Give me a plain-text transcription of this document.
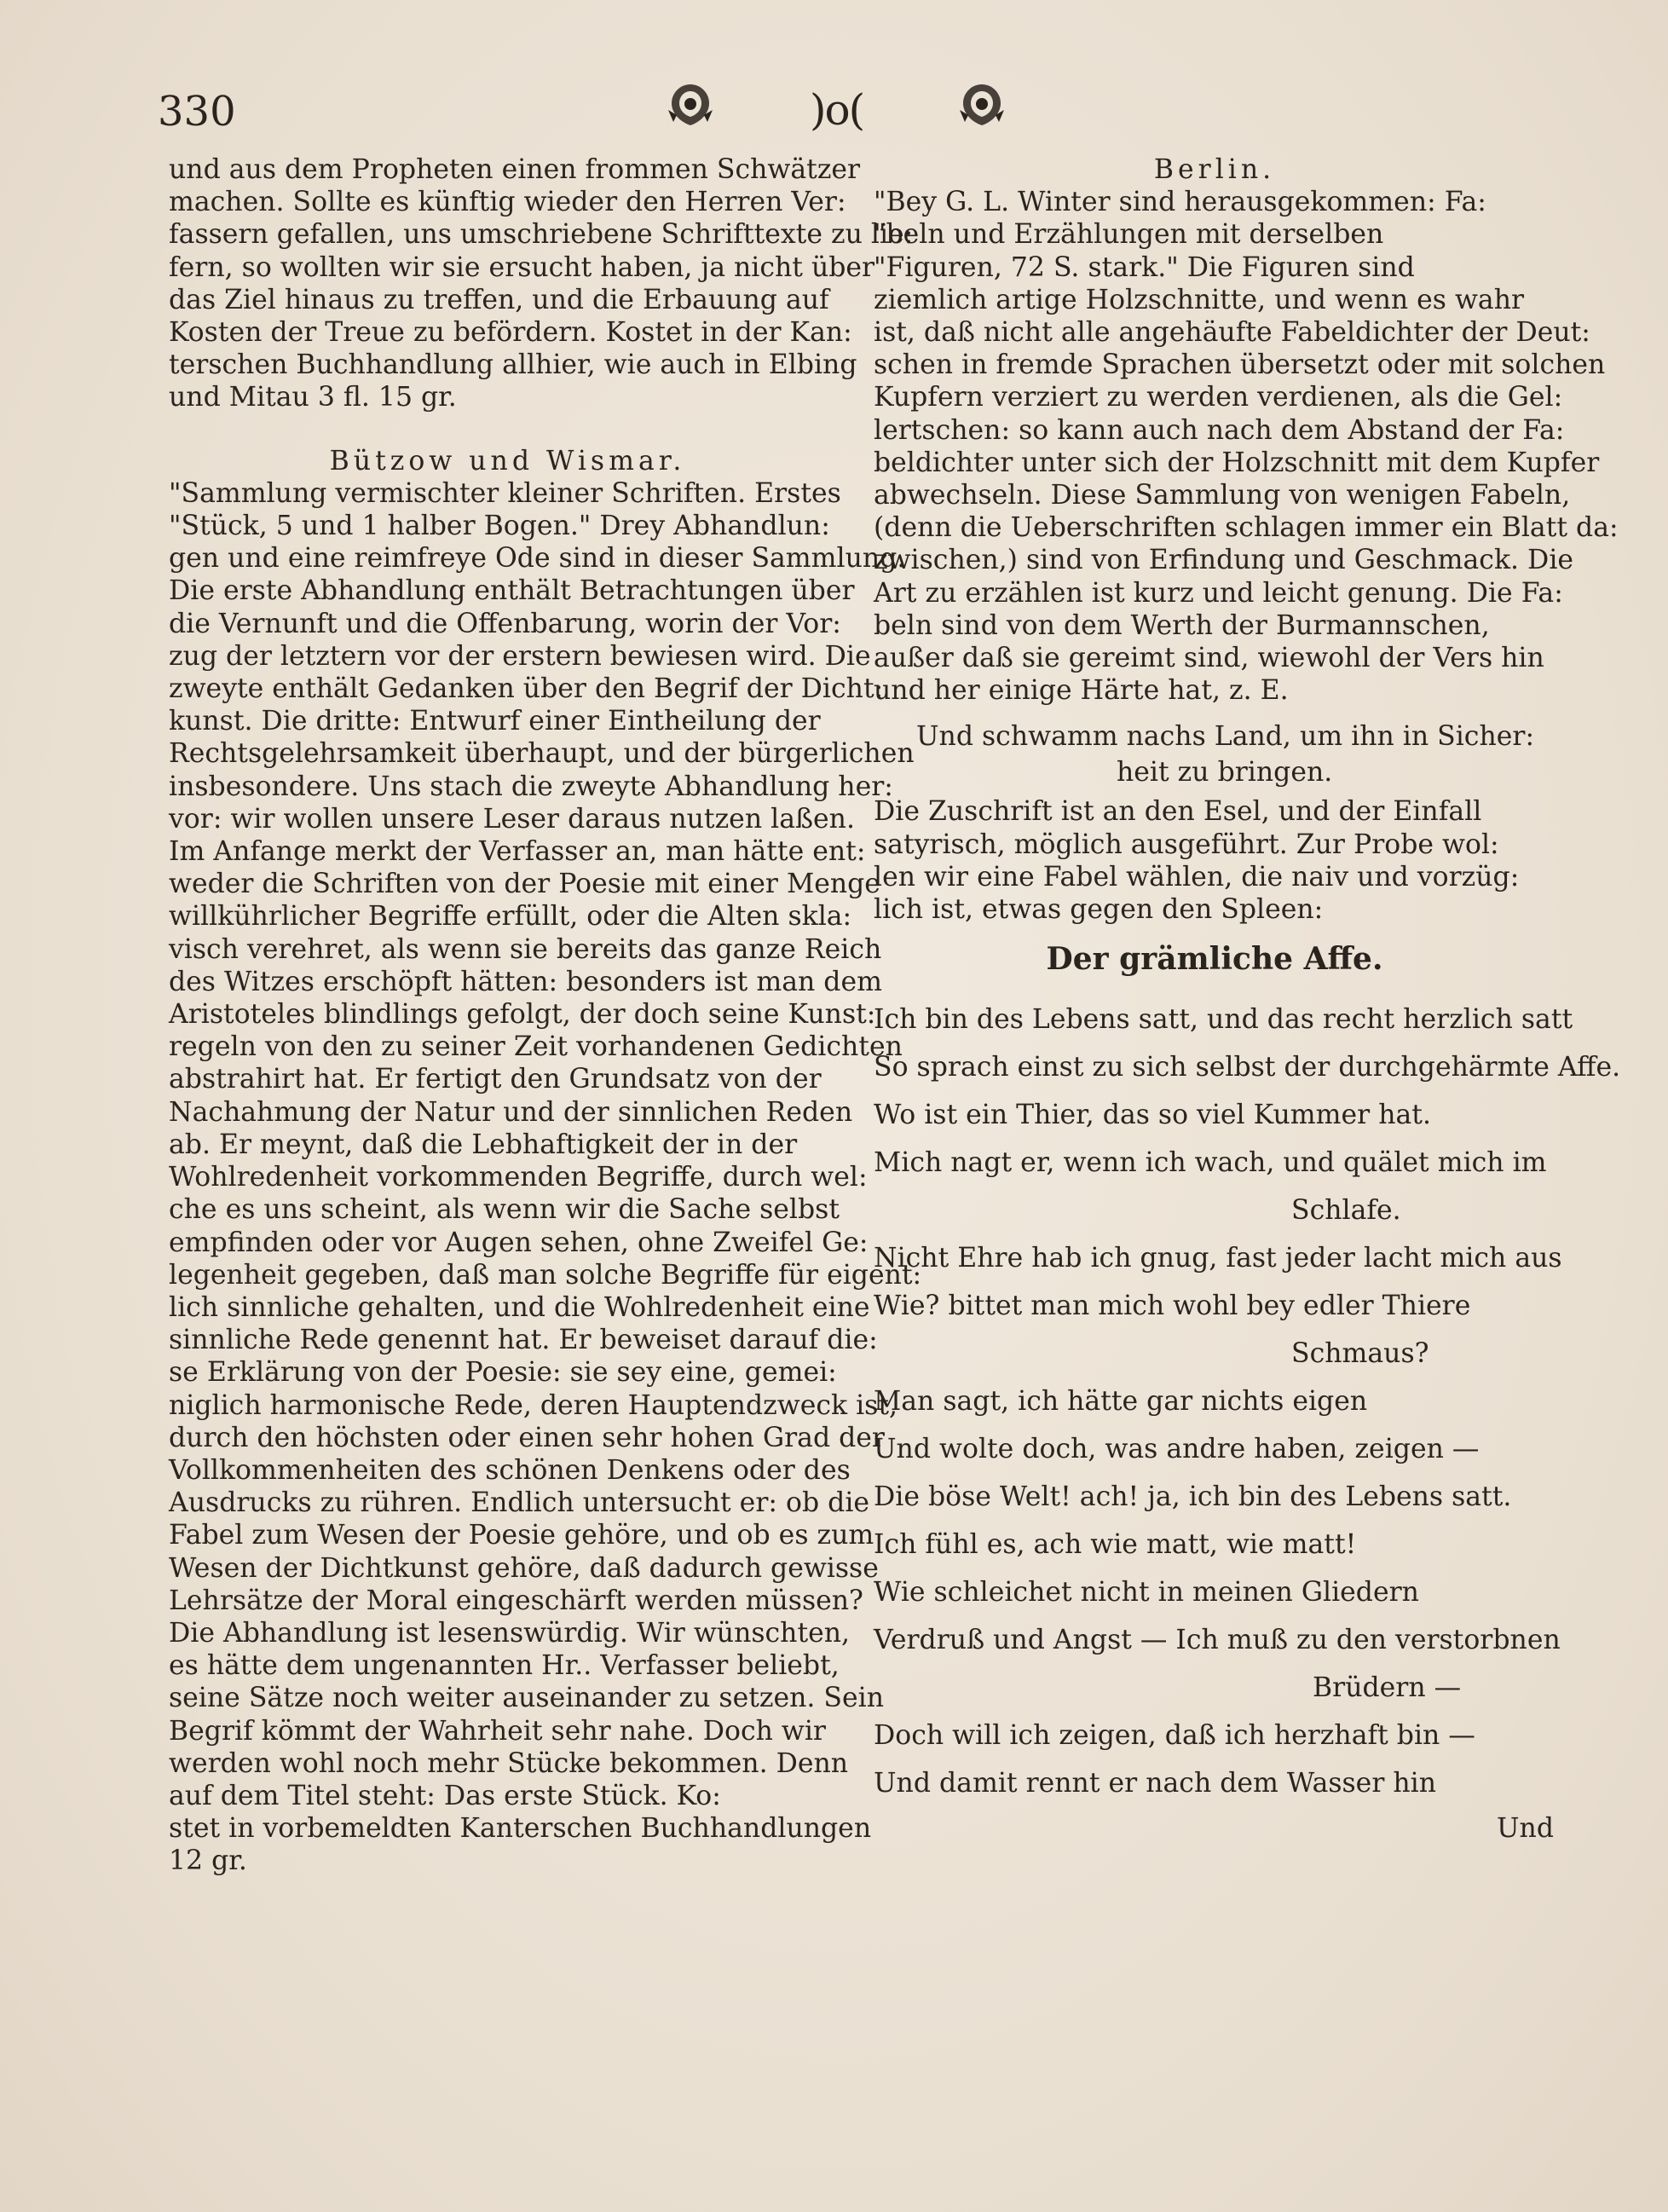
330	)o(

und aus dem Propheten einen frommen Schwätzer
machen. Sollte es künftig wieder den Herren Ver:
fassern gefallen, uns umschriebene Schrifttexte zu lie:
fern, so wollten wir sie ersucht haben, ja nicht über
das Ziel hinaus zu treffen, und die Erbauung auf
Kosten der Treue zu befördern. Kostet in der Kan:
terschen Buchhandlung allhier, wie auch in Elbing
und Mitau 3 fl. 15 gr.

Bützow und Wismar.

"Sammlung vermischter kleiner Schriften. Erstes
"Stück, 5 und 1 halber Bogen." Drey Abhandlun:
gen und eine reimfreye Ode sind in dieser Sammlung.
Die erste Abhandlung enthält Betrachtungen über
die Vernunft und die Offenbarung, worin der Vor:
zug der letztern vor der erstern bewiesen wird. Die
zweyte enthält Gedanken über den Begrif der Dicht:
kunst. Die dritte: Entwurf einer Eintheilung der
Rechtsgelehrsamkeit überhaupt, und der bürgerlichen
insbesondere. Uns stach die zweyte Abhandlung her:
vor: wir wollen unsere Leser daraus nutzen laßen.
Im Anfange merkt der Verfasser an, man hätte ent:
weder die Schriften von der Poesie mit einer Menge
willkührlicher Begriffe erfüllt, oder die Alten skla:
visch verehret, als wenn sie bereits das ganze Reich
des Witzes erschöpft hätten: besonders ist man dem
Aristoteles blindlings gefolgt, der doch seine Kunst:
regeln von den zu seiner Zeit vorhandenen Gedichten
abstrahirt hat. Er fertigt den Grundsatz von der
Nachahmung der Natur und der sinnlichen Reden
ab. Er meynt, daß die Lebhaftigkeit der in der
Wohlredenheit vorkommenden Begriffe, durch wel:
che es uns scheint, als wenn wir die Sache selbst
empfinden oder vor Augen sehen, ohne Zweifel Ge:
legenheit gegeben, daß man solche Begriffe für eigent:
lich sinnliche gehalten, und die Wohlredenheit eine
sinnliche Rede genennt hat. Er beweiset darauf die:
se Erklärung von der Poesie: sie sey eine, gemei:
niglich harmonische Rede, deren Hauptendzweck ist,
durch den höchsten oder einen sehr hohen Grad der
Vollkommenheiten des schönen Denkens oder des
Ausdrucks zu rühren. Endlich untersucht er: ob die
Fabel zum Wesen der Poesie gehöre, und ob es zum
Wesen der Dichtkunst gehöre, daß dadurch gewisse
Lehrsätze der Moral eingeschärft werden müssen?
Die Abhandlung ist lesenswürdig. Wir wünschten,
es hätte dem ungenannten Hr.. Verfasser beliebt,
seine Sätze noch weiter auseinander zu setzen. Sein
Begrif kömmt der Wahrheit sehr nahe. Doch wir
werden wohl noch mehr Stücke bekommen. Denn
auf dem Titel steht: Das erste Stück. Ko:
stet in vorbemeldten Kanterschen Buchhandlungen
12 gr.

Berlin.

"Bey G. L. Winter sind herausgekommen: Fa:
"beln und Erzählungen mit derselben
"Figuren, 72 S. stark." Die Figuren sind
ziemlich artige Holzschnitte, und wenn es wahr
ist, daß nicht alle angehäufte Fabeldichter der Deut:
schen in fremde Sprachen übersetzt oder mit solchen
Kupfern verziert zu werden verdienen, als die Gel:
lertschen: so kann auch nach dem Abstand der Fa:
beldichter unter sich der Holzschnitt mit dem Kupfer
abwechseln. Diese Sammlung von wenigen Fabeln,
(denn die Ueberschriften schlagen immer ein Blatt da:
zwischen,) sind von Erfindung und Geschmack. Die
Art zu erzählen ist kurz und leicht genung. Die Fa:
beln sind von dem Werth der Burmannschen,
außer daß sie gereimt sind, wiewohl der Vers hin
und her einige Härte hat, z. E.

Und schwamm nachs Land, um ihn in Sicher:
heit zu bringen.

Die Zuschrift ist an den Esel, und der Einfall
satyrisch, möglich ausgeführt. Zur Probe wol:
len wir eine Fabel wählen, die naiv und vorzüg:
lich ist, etwas gegen den Spleen:

Der grämliche Affe.
Ich bin des Lebens satt, und das recht herzlich satt
So sprach einst zu sich selbst der durchgehärmte Affe.
Wo ist ein Thier, das so viel Kummer hat.
Mich nagt er, wenn ich wach, und quälet mich im
Schlafe.
Nicht Ehre hab ich gnug, fast jeder lacht mich aus
Wie? bittet man mich wohl bey edler Thiere
Schmaus?
Man sagt, ich hätte gar nichts eigen
Und wolte doch, was andre haben, zeigen —
Die böse Welt! ach! ja, ich bin des Lebens satt.
Ich fühl es, ach wie matt, wie matt!
Wie schleichet nicht in meinen Gliedern
Verdruß und Angst — Ich muß zu den verstorbnen
Brüdern —
Doch will ich zeigen, daß ich herzhaft bin —
Und damit rennt er nach dem Wasser hin
Und
